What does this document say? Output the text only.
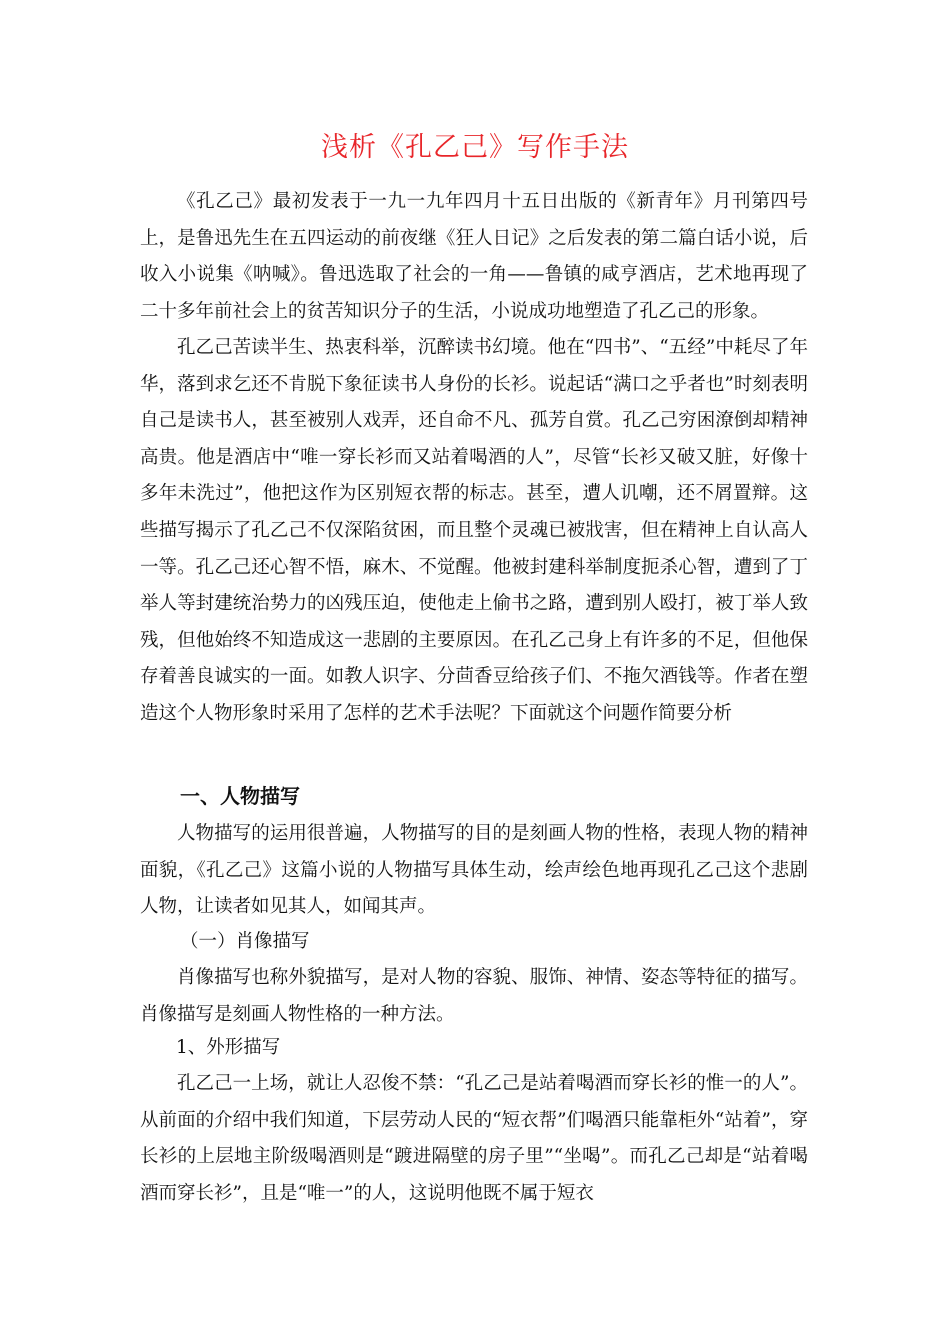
浅析《孔乙己》写作手法
《孔乙己》最初发表于一九一九年四月十五日出版的《新青年》月刊第四号上，是鲁迅先生在五四运动的前夜继《狂人日记》之后发表的第二篇白话小说，后收入小说集《呐喊》。鲁迅选取了社会的一角——鲁镇的咸亨酒店，艺术地再现了二十多年前社会上的贫苦知识分子的生活，小说成功地塑造了孔乙己的形象。
孔乙己苦读半生、热衷科举，沉醉读书幻境。他在“四书”、“五经”中耗尽了年华，落到求乞还不肯脱下象征读书人身份的长衫。说起话“满口之乎者也”时刻表明自己是读书人，甚至被别人戏弄，还自命不凡、孤芳自赏。孔乙己穷困潦倒却精神高贵。他是酒店中“唯一穿长衫而又站着喝酒的人”，尽管“长衫又破又脏，好像十多年未洗过”，他把这作为区别短衣帮的标志。甚至，遭人讥嘲，还不屑置辩。这些描写揭示了孔乙己不仅深陷贫困，而且整个灵魂已被戕害，但在精神上自认高人一等。孔乙己还心智不悟，麻木、不觉醒。他被封建科举制度扼杀心智，遭到了丁举人等封建统治势力的凶残压迫，使他走上偷书之路，遭到别人殴打，被丁举人致残，但他始终不知造成这一悲剧的主要原因。在孔乙己身上有许多的不足，但他保存着善良诚实的一面。如教人识字、分茴香豆给孩子们、不拖欠酒钱等。作者在塑造这个人物形象时采用了怎样的艺术手法呢？下面就这个问题作简要分析
一、人物描写
人物描写的运用很普遍，人物描写的目的是刻画人物的性格，表现人物的精神面貌，《孔乙己》这篇小说的人物描写具体生动，绘声绘色地再现孔乙己这个悲剧人物，让读者如见其人，如闻其声。
（一）肖像描写
肖像描写也称外貌描写，是对人物的容貌、服饰、神情、姿态等特征的描写。肖像描写是刻画人物性格的一种方法。
1、外形描写
孔乙己一上场，就让人忍俊不禁：“孔乙己是站着喝酒而穿长衫的惟一的人”。从前面的介绍中我们知道，下层劳动人民的“短衣帮”们喝酒只能靠柜外“站着”，穿长衫的上层地主阶级喝酒则是“踱进隔壁的房子里”“坐喝”。而孔乙己却是“站着喝酒而穿长衫”，且是“唯一”的人，这说明他既不属于短衣
